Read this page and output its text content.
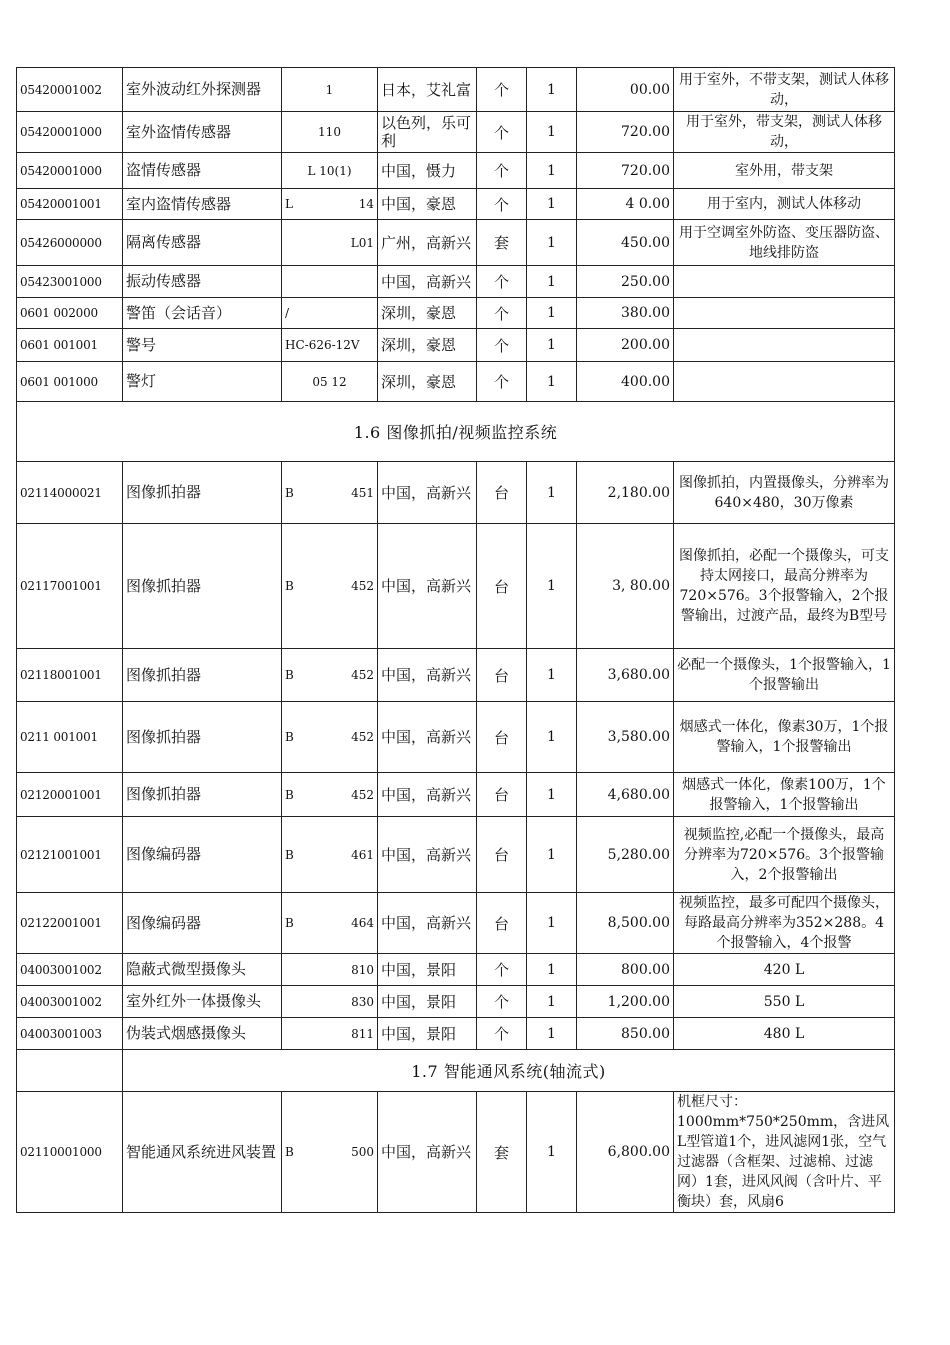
05420001002	室外波动红外探测器	1	日本，艾礼富	个	1	00.00	用于室外，不带支架，测试人体移动，
05420001000	室外盗情传感器	110	以色列，乐可利	个	1	720.00	用于室外，带支架，测试人体移动，
05420001000	盗情传感器	L 10(1)	中国，慑力	个	1	720.00	室外用，带支架
05420001001	室内盗情传感器	L 14	中国，豪恩	个	1	4 0.00	用于室内，测试人体移动
05426000000	隔离传感器	L01	广州，高新兴	套	1	450.00	用于空调室外防盗、变压器防盗、地线排防盗
05423001000	振动传感器		中国，高新兴	个	1	250.00	
0601 002000	警笛（会话音）	/	深圳，豪恩	个	1	380.00	
0601 001001	警号	HC-626-12V	深圳，豪恩	个	1	200.00	
0601 001000	警灯	05 12	深圳，豪恩	个	1	400.00	
1.6 图像抓拍/视频监控系统							
02114000021	图像抓拍器	B 451	中国，高新兴	台	1	2,180.00	图像抓拍，内置摄像头，分辨率为640×480，30万像素
02117001001	图像抓拍器	B 452	中国，高新兴	台	1	3, 80.00	图像抓拍，必配一个摄像头，可支持太网接口，最高分辨率为720×576。3个报警输入，2个报警输出，过渡产品，最终为B型号
02118001001	图像抓拍器	B 452	中国，高新兴	台	1	3,680.00	必配一个摄像头，1个报警输入，1个报警输出
0211 001001	图像抓拍器	B 452	中国，高新兴	台	1	3,580.00	烟感式一体化，像素30万，1个报警输入，1个报警输出
02120001001	图像抓拍器	B 452	中国，高新兴	台	1	4,680.00	烟感式一体化，像素100万，1个报警输入，1个报警输出
02121001001	图像编码器	B 461	中国，高新兴	台	1	5,280.00	视频监控,必配一个摄像头，最高分辨率为720×576。3个报警输入，2个报警输出
02122001001	图像编码器	B 464	中国，高新兴	台	1	8,500.00	视频监控，最多可配四个摄像头，每路最高分辨率为352×288。4个报警输入，4个报警
04003001002	隐蔽式微型摄像头	810	中国，景阳	个	1	800.00	420 L
04003001002	室外红外一体摄像头	830	中国，景阳	个	1	1,200.00	550 L
04003001003	伪装式烟感摄像头	811	中国，景阳	个	1	850.00	480 L
	1.7 智能通风系统(轴流式)						
02110001000	智能通风系统进风装置	B 500	中国，高新兴	套	1	6,800.00	机框尺寸：1000mm*750*250mm，含进风L型管道1个，进风滤网1张，空气过滤器（含框架、过滤棉、过滤网）1套，进风风阀（含叶片、平衡块）套，风扇6
